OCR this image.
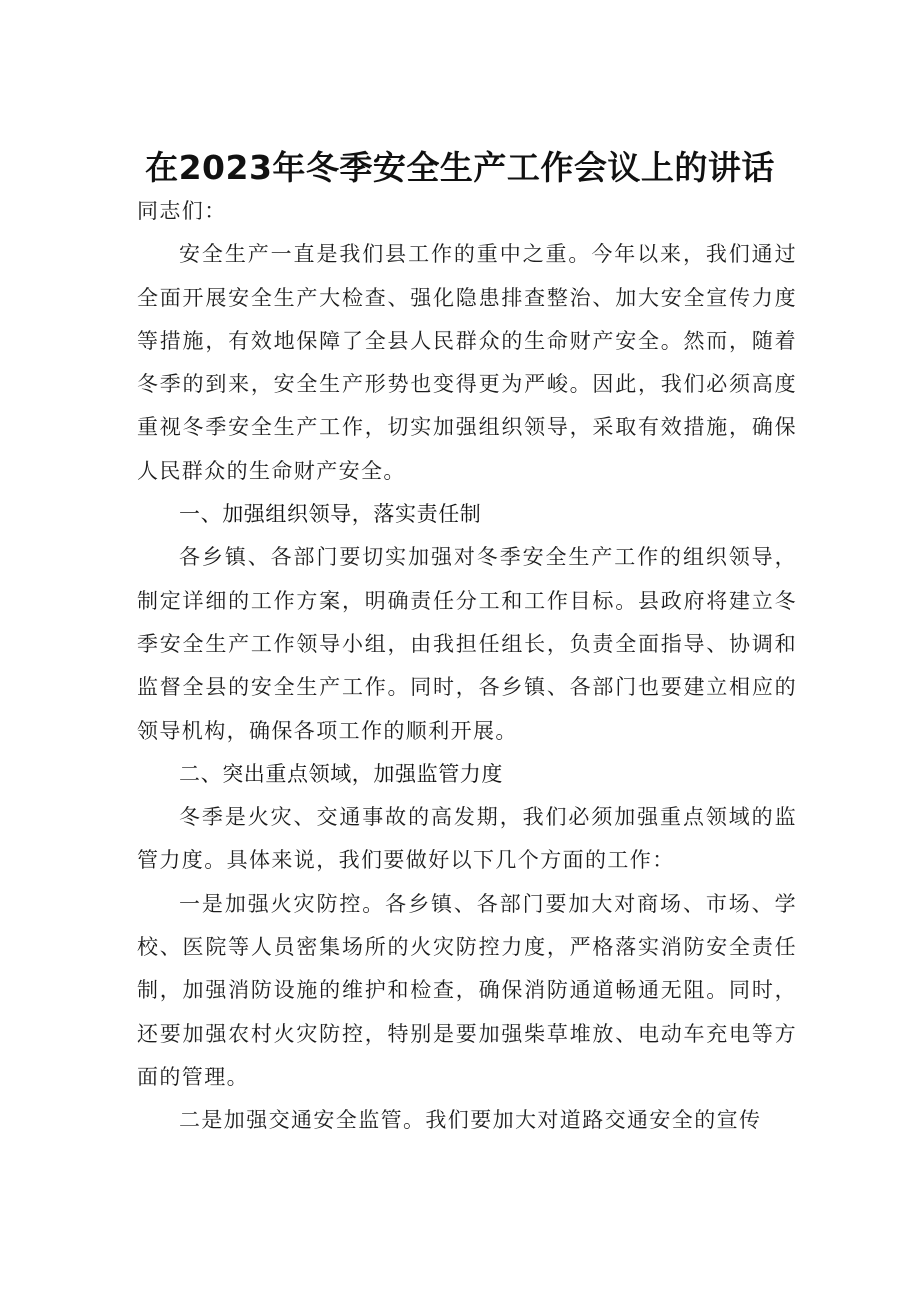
在2023年冬季安全生产工作会议上的讲话

同志们：

安全生产一直是我们县工作的重中之重。今年以来，我们通过全面开展安全生产大检查、强化隐患排查整治、加大安全宣传力度等措施，有效地保障了全县人民群众的生命财产安全。然而，随着冬季的到来，安全生产形势也变得更为严峻。因此，我们必须高度重视冬季安全生产工作，切实加强组织领导，采取有效措施，确保人民群众的生命财产安全。

一、加强组织领导，落实责任制

各乡镇、各部门要切实加强对冬季安全生产工作的组织领导，制定详细的工作方案，明确责任分工和工作目标。县政府将建立冬季安全生产工作领导小组，由我担任组长，负责全面指导、协调和监督全县的安全生产工作。同时，各乡镇、各部门也要建立相应的领导机构，确保各项工作的顺利开展。

二、突出重点领域，加强监管力度

冬季是火灾、交通事故的高发期，我们必须加强重点领域的监管力度。具体来说，我们要做好以下几个方面的工作：

一是加强火灾防控。各乡镇、各部门要加大对商场、市场、学校、医院等人员密集场所的火灾防控力度，严格落实消防安全责任制，加强消防设施的维护和检查，确保消防通道畅通无阻。同时，还要加强农村火灾防控，特别是要加强柴草堆放、电动车充电等方面的管理。

二是加强交通安全监管。我们要加大对道路交通安全的宣传
